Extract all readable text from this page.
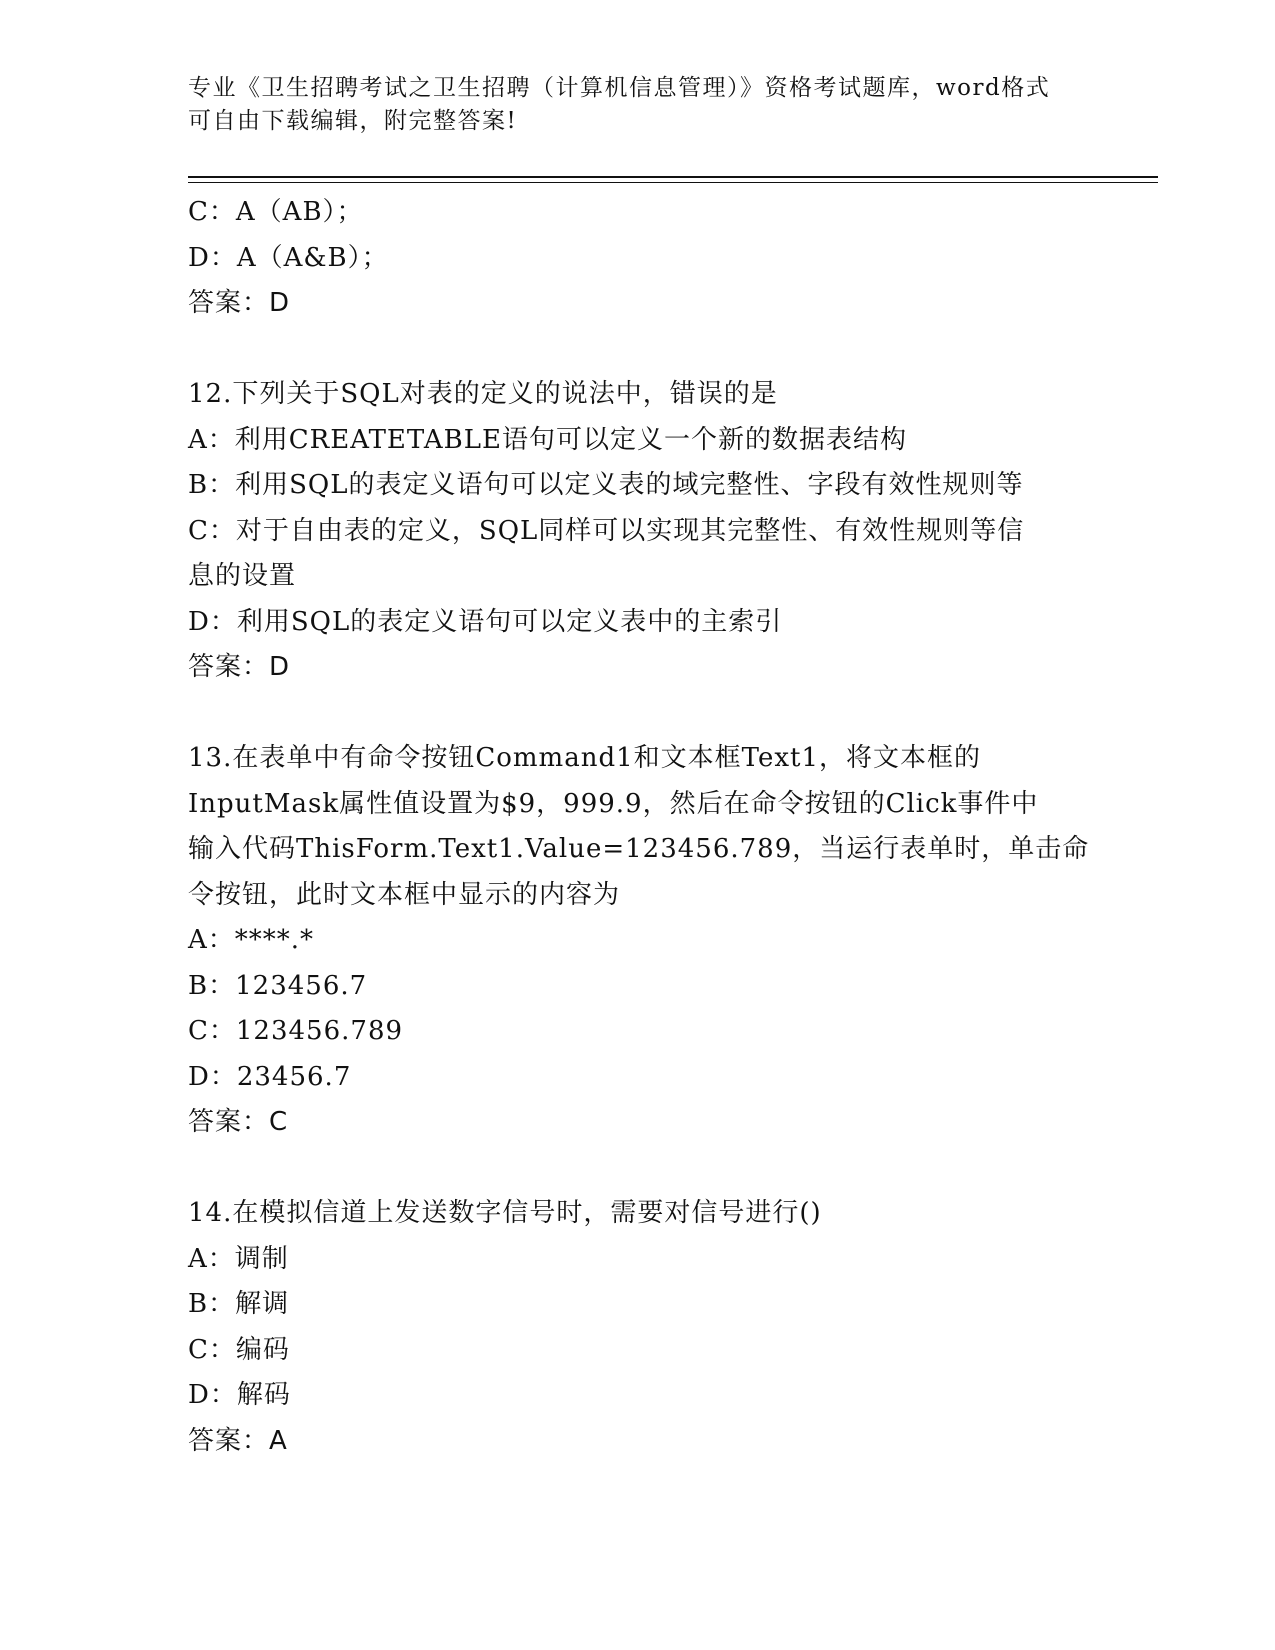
专业《卫生招聘考试之卫生招聘（计算机信息管理）》资格考试题库，word格式
可自由下载编辑，附完整答案!
C：A（AB）；
D：A（A&B）；
答案：D
12.下列关于SQL对表的定义的说法中，错误的是
A：利用CREATETABLE语句可以定义一个新的数据表结构
B：利用SQL的表定义语句可以定义表的域完整性、字段有效性规则等
C：对于自由表的定义，SQL同样可以实现其完整性、有效性规则等信
息的设置
D：利用SQL的表定义语句可以定义表中的主索引
答案：D
13.在表单中有命令按钮Command1和文本框Text1，将文本框的
InputMask属性值设置为$9，999.9，然后在命令按钮的Click事件中
输入代码ThisForm.Text1.Value=123456.789，当运行表单时，单击命
令按钮，此时文本框中显示的内容为
A：****.*
B：123456.7
C：123456.789
D：23456.7
答案：C
14.在模拟信道上发送数字信号时，需要对信号进行()
A：调制
B：解调
C：编码
D：解码
答案：A
